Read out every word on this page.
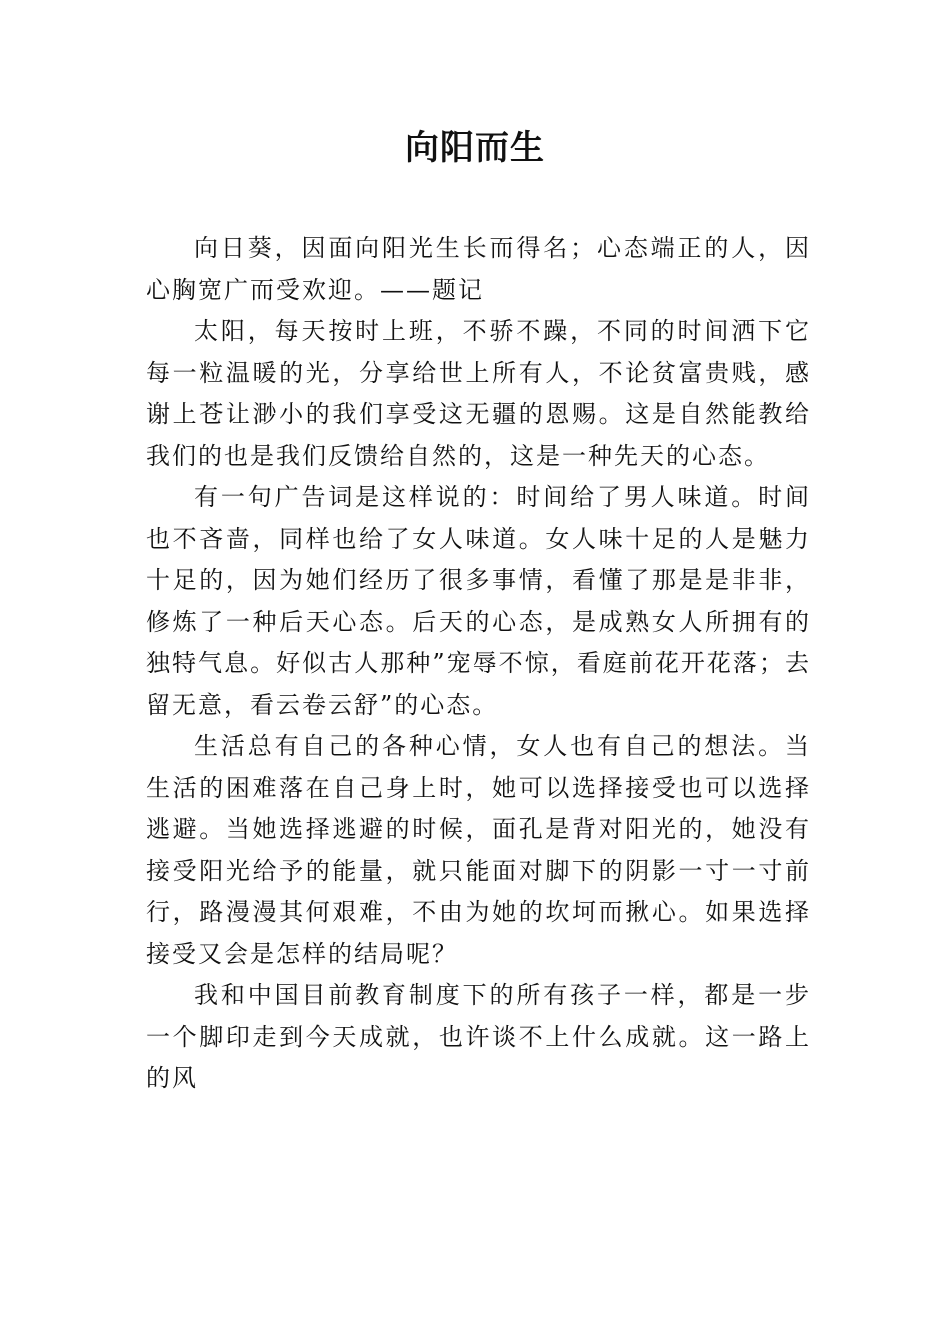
向阳而生

向日葵，因面向阳光生长而得名；心态端正的人，因心胸宽广而受欢迎。——题记

太阳，每天按时上班，不骄不躁，不同的时间洒下它每一粒温暖的光，分享给世上所有人，不论贫富贵贱，感谢上苍让渺小的我们享受这无疆的恩赐。这是自然能教给我们的也是我们反馈给自然的，这是一种先天的心态。

有一句广告词是这样说的：时间给了男人味道。时间也不吝啬，同样也给了女人味道。女人味十足的人是魅力十足的，因为她们经历了很多事情，看懂了那是是非非，修炼了一种后天心态。后天的心态，是成熟女人所拥有的独特气息。好似古人那种”宠辱不惊，看庭前花开花落；去留无意，看云卷云舒”的心态。

生活总有自己的各种心情，女人也有自己的想法。当生活的困难落在自己身上时，她可以选择接受也可以选择逃避。当她选择逃避的时候，面孔是背对阳光的，她没有接受阳光给予的能量，就只能面对脚下的阴影一寸一寸前行，路漫漫其何艰难，不由为她的坎坷而揪心。如果选择接受又会是怎样的结局呢？

我和中国目前教育制度下的所有孩子一样，都是一步一个脚印走到今天成就，也许谈不上什么成就。这一路上的风
